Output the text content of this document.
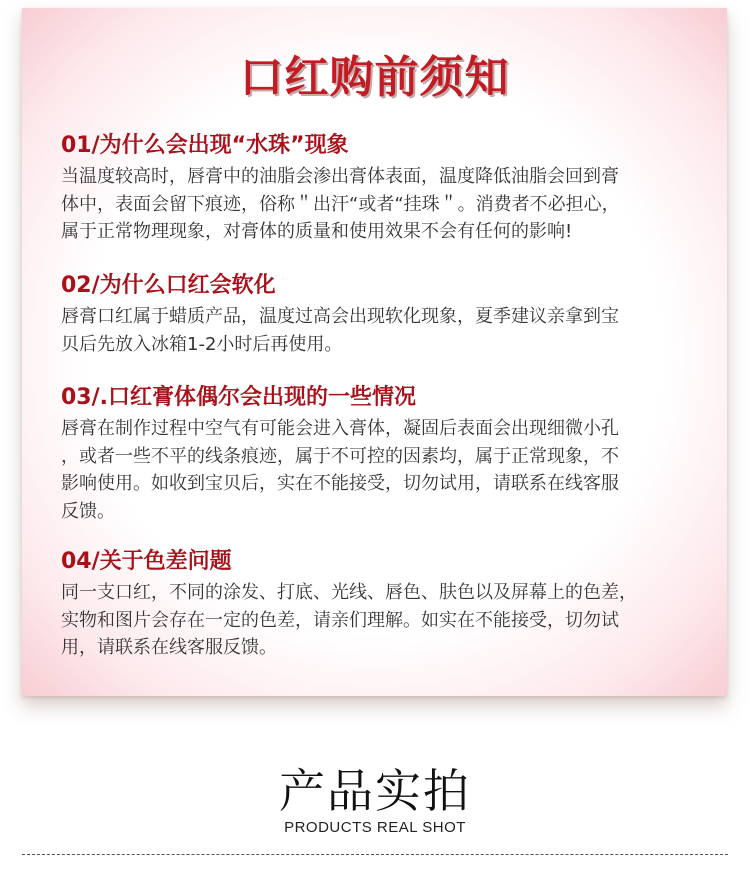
口红购前须知
01/为什么会出现“水珠”现象
当温度较高时，唇膏中的油脂会渗出膏体表面，温度降低油脂会回到膏
体中，表面会留下痕迹，俗称＂出汗“或者“挂珠＂。消费者不必担心，
属于正常物理现象，对膏体的质量和使用效果不会有任何的影响!
02/为什么口红会软化
唇膏口红属于蜡质产品，温度过高会出现软化现象，夏季建议亲拿到宝
贝后先放入冰箱1-2小时后再使用。
03/.口红膏体偶尔会出现的一些情况
唇膏在制作过程中空气有可能会进入膏体，凝固后表面会出现细微小孔
，或者一些不平的线条痕迹，属于不可控的因素均，属于正常现象，不
影响使用。如收到宝贝后，实在不能接受，切勿试用，请联系在线客服
反馈。
04/关于色差问题
同一支口红，不同的涂发、打底、光线、唇色、肤色以及屏幕上的色差，
实物和图片会存在一定的色差，请亲们理解。如实在不能接受，切勿试
用，请联系在线客服反馈。
产品实拍
PRODUCTS REAL SHOT
